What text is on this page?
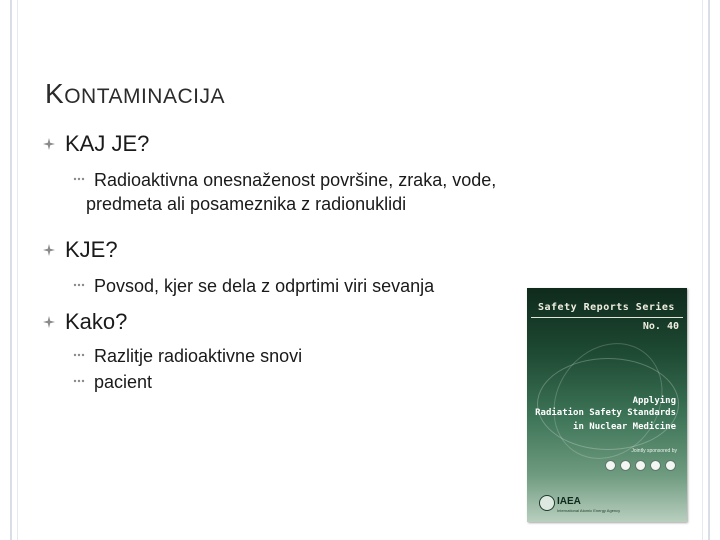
KONTAMINACIJA
KAJ JE?
Radioaktivna onesnaženost površine, zraka, vode,
predmeta ali posameznika z radionuklidi
KJE?
Povsod, kjer se dela z odprtimi viri sevanja
Kako?
Razlitje radioaktivne snovi
pacient
Safety Reports Series
No. 40
Applying
Radiation Safety Standards
in Nuclear Medicine
Jointly sponsored by
IAEA
International Atomic Energy Agency
